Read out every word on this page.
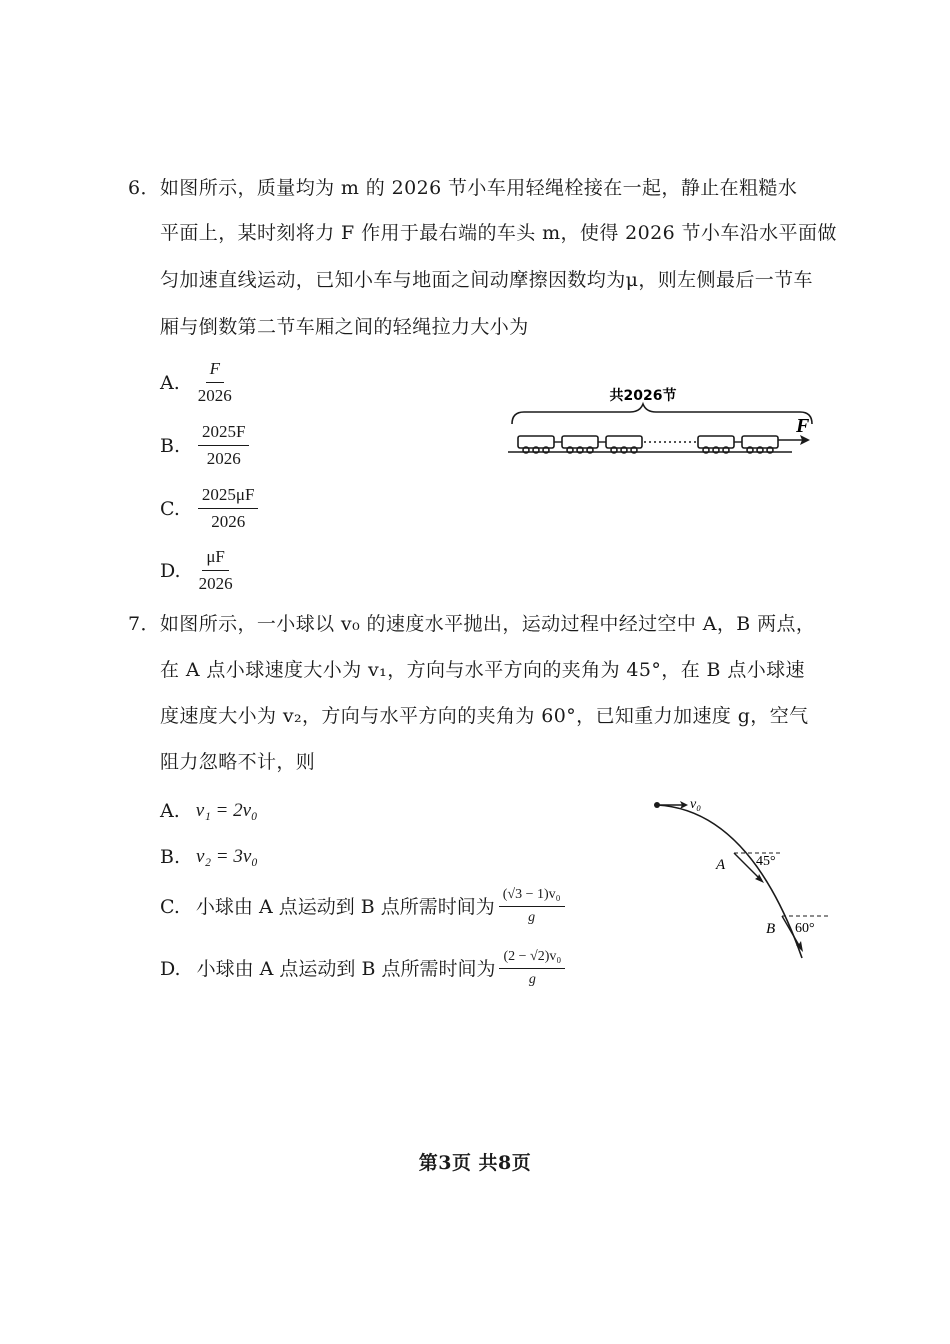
6．如图所示，质量均为 m 的 2026 节小车用轻绳栓接在一起，静止在粗糙水
平面上，某时刻将力 F 作用于最右端的车头 m，使得 2026 节小车沿水平面做
匀加速直线运动，已知小车与地面之间动摩擦因数均为μ，则左侧最后一节车
厢与倒数第二节车厢之间的轻绳拉力大小为
A. $\frac{F}{2026}$
B. $\frac{2025F}{2026}$
C. $\frac{2025\mu F}{2026}$
D. $\frac{\mu F}{2026}$
共2026节
F
7．如图所示，一小球以 v₀ 的速度水平抛出，运动过程中经过空中 A，B 两点，
在 A 点小球速度大小为 v₁，方向与水平方向的夹角为 45°，在 B 点小球速
度速度大小为 v₂，方向与水平方向的夹角为 60°，已知重力加速度 g，空气
阻力忽略不计，则
A. v₁ = 2v₀
B. v₂ = 3v₀
C. 小球由 A 点运动到 B 点所需时间为 $\frac{\text{(√3 − 1)v₀}}{g}$
D. 小球由 A 点运动到 B 点所需时间为 $\frac{\text{(2 − √2)v₀}}{g}$
v₀
A 45°
B 60°
第3页 共8页
